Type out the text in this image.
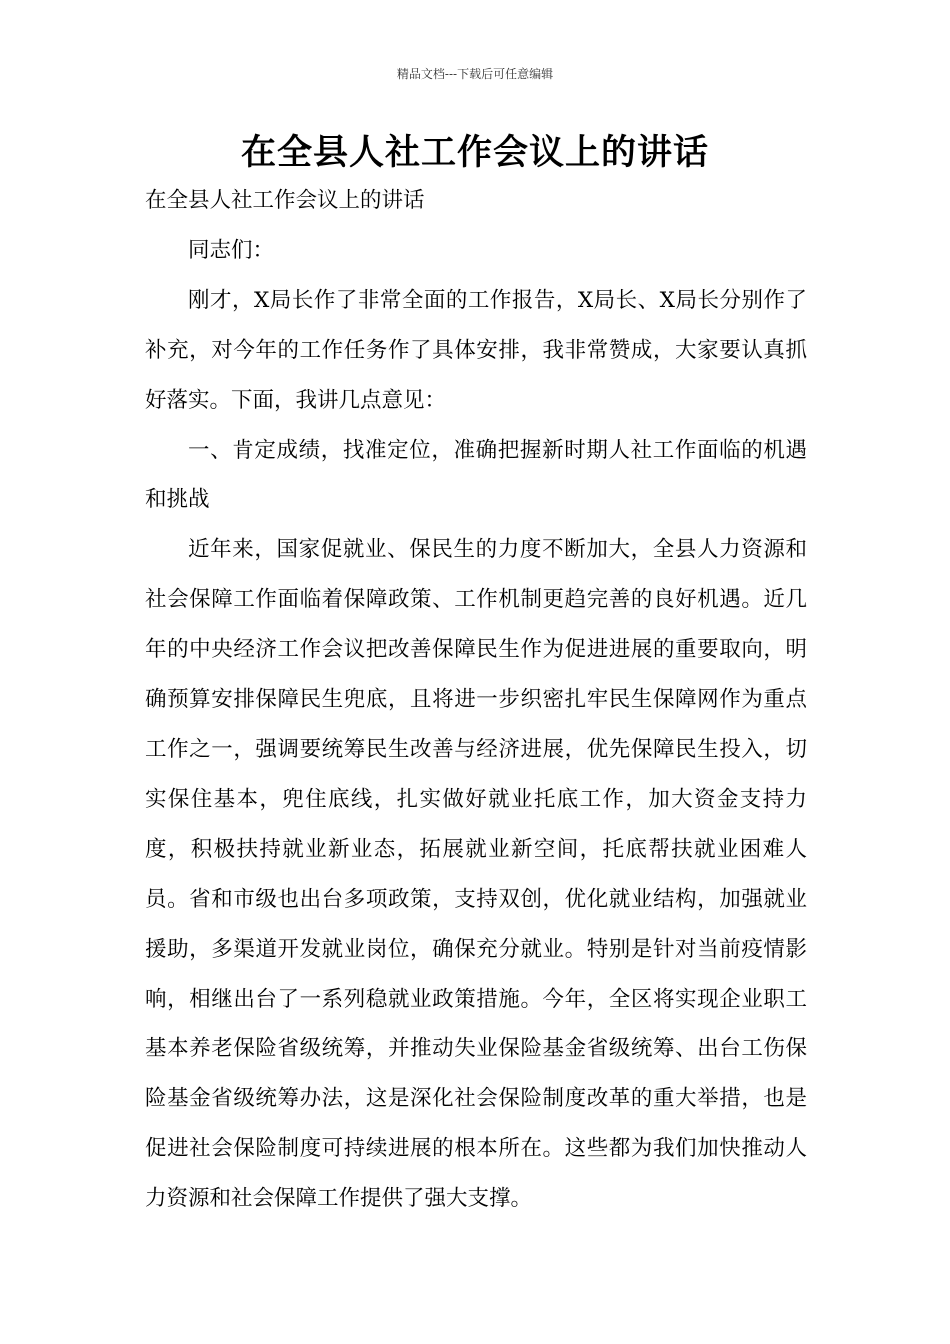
精品文档---下载后可任意编辑
在全县人社工作会议上的讲话

在全县人社工作会议上的讲话

同志们：

刚才，X局长作了非常全面的工作报告，X局长、X局长分别作了补充，对今年的工作任务作了具体安排，我非常赞成，大家要认真抓好落实。下面，我讲几点意见：

一、肯定成绩，找准定位，准确把握新时期人社工作面临的机遇和挑战

近年来，国家促就业、保民生的力度不断加大，全县人力资源和社会保障工作面临着保障政策、工作机制更趋完善的良好机遇。近几年的中央经济工作会议把改善保障民生作为促进进展的重要取向，明确预算安排保障民生兜底，且将进一步织密扎牢民生保障网作为重点工作之一，强调要统筹民生改善与经济进展，优先保障民生投入，切实保住基本，兜住底线，扎实做好就业托底工作，加大资金支持力度，积极扶持就业新业态，拓展就业新空间，托底帮扶就业困难人员。省和市级也出台多项政策，支持双创，优化就业结构，加强就业援助，多渠道开发就业岗位，确保充分就业。特别是针对当前疫情影响，相继出台了一系列稳就业政策措施。今年，全区将实现企业职工基本养老保险省级统筹，并推动失业保险基金省级统筹、出台工伤保险基金省级统筹办法，这是深化社会保险制度改革的重大举措，也是促进社会保险制度可持续进展的根本所在。这些都为我们加快推动人力资源和社会保障工作提供了强大支撑。
